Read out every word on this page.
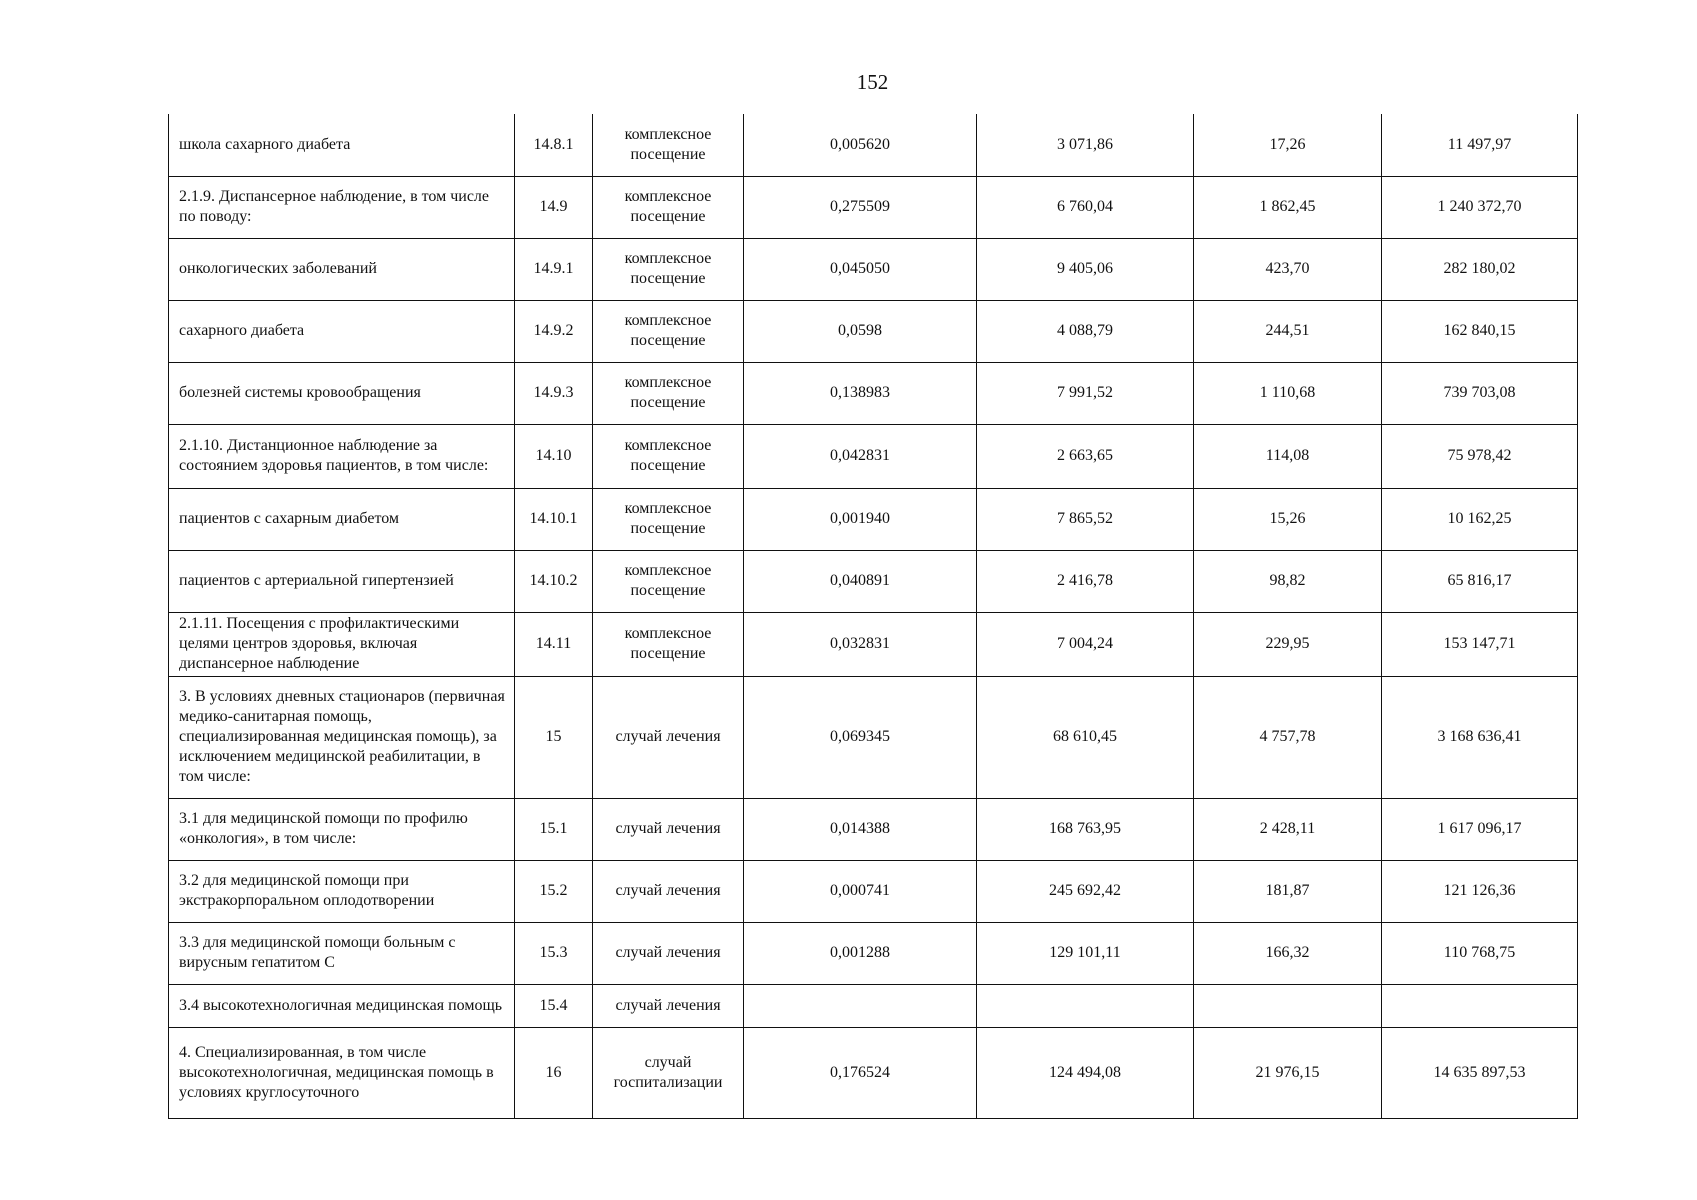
152
школа сахарного диабета	14.8.1	комплексное посещение	0,005620	3 071,86	17,26	11 497,97
2.1.9. Диспансерное наблюдение, в том числе по поводу:	14.9	комплексное посещение	0,275509	6 760,04	1 862,45	1 240 372,70
онкологических заболеваний	14.9.1	комплексное посещение	0,045050	9 405,06	423,70	282 180,02
сахарного диабета	14.9.2	комплексное посещение	0,0598	4 088,79	244,51	162 840,15
болезней системы кровообращения	14.9.3	комплексное посещение	0,138983	7 991,52	1 110,68	739 703,08
2.1.10. Дистанционное наблюдение за состоянием здоровья пациентов, в том числе:	14.10	комплексное посещение	0,042831	2 663,65	114,08	75 978,42
пациентов с сахарным диабетом	14.10.1	комплексное посещение	0,001940	7 865,52	15,26	10 162,25
пациентов с артериальной гипертензией	14.10.2	комплексное посещение	0,040891	2 416,78	98,82	65 816,17
2.1.11. Посещения с профилактическими целями центров здоровья, включая диспансерное наблюдение	14.11	комплексное посещение	0,032831	7 004,24	229,95	153 147,71
3. В условиях дневных стационаров (первичная медико-санитарная помощь, специализированная медицинская помощь), за исключением медицинской реабилитации, в том числе:	15	случай лечения	0,069345	68 610,45	4 757,78	3 168 636,41
3.1 для медицинской помощи по профилю «онкология», в том числе:	15.1	случай лечения	0,014388	168 763,95	2 428,11	1 617 096,17
3.2 для медицинской помощи при экстракорпоральном оплодотворении	15.2	случай лечения	0,000741	245 692,42	181,87	121 126,36
3.3 для медицинской помощи больным с вирусным гепатитом С	15.3	случай лечения	0,001288	129 101,11	166,32	110 768,75
3.4 высокотехнологичная медицинская помощь	15.4	случай лечения				
4. Специализированная, в том числе высокотехнологичная, медицинская помощь в условиях круглосуточного	16	случай госпитализации	0,176524	124 494,08	21 976,15	14 635 897,53
